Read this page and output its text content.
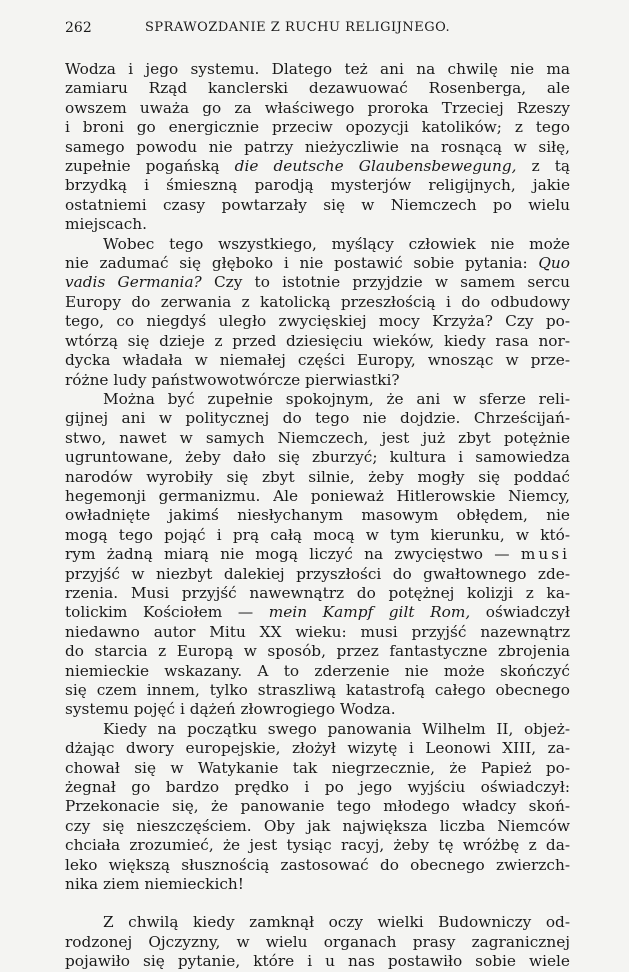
262	SPRAWOZDANIE Z RUCHU RELIGIJNEGO.
Wodza i jego systemu. Dlatego też ani na chwilę nie ma
zamiaru Rząd kanclerski dezawuować Rosenberga, ale
owszem uważa go za właściwego proroka Trzeciej Rzeszy
i broni go energicznie przeciw opozycji katolików; z tego
samego powodu nie patrzy nieżyczliwie na rosnącą w siłę,
zupełnie pogańską die deutsche Glaubensbewegung, z tą
brzydką i śmieszną parodją mysterjów religijnych, jakie
ostatniemi czasy powtarzały się w Niemczech po wielu
miejscach.
Wobec tego wszystkiego, myślący człowiek nie może
nie zadumać się głęboko i nie postawić sobie pytania: Quo
vadis Germania? Czy to istotnie przyjdzie w samem sercu
Europy do zerwania z katolicką przeszłością i do odbudowy
tego, co niegdyś uległo zwycięskiej mocy Krzyża? Czy po-
wtórzą się dzieje z przed dziesięciu wieków, kiedy rasa nor-
dycka władała w niemałej części Europy, wnosząc w prze-
różne ludy państwowotwórcze pierwiastki?
Można być zupełnie spokojnym, że ani w sferze reli-
gijnej ani w politycznej do tego nie dojdzie. Chrześcijań-
stwo, nawet w samych Niemczech, jest już zbyt potężnie
ugruntowane, żeby dało się zburzyć; kultura i samowiedza
narodów wyrobiły się zbyt silnie, żeby mogły się poddać
hegemonji germanizmu. Ale ponieważ Hitlerowskie Niemcy,
owładnięte jakimś niesłychanym masowym obłędem, nie
mogą tego pojąć i prą całą mocą w tym kierunku, w któ-
rym żadną miarą nie mogą liczyć na zwycięstwo — musi
przyjść w niezbyt dalekiej przyszłości do gwałtownego zde-
rzenia. Musi przyjść nawewnątrz do potężnej kolizji z ka-
tolickim Kościołem — mein Kampf gilt Rom, oświadczył
niedawno autor Mitu XX wieku: musi przyjść nazewnątrz
do starcia z Europą w sposób, przez fantastyczne zbrojenia
niemieckie wskazany. A to zderzenie nie może skończyć
się czem innem, tylko straszliwą katastrofą całego obecnego
systemu pojęć i dążeń złowrogiego Wodza.
Kiedy na początku swego panowania Wilhelm II, objeż-
dżając dwory europejskie, złożył wizytę i Leonowi XIII, za-
chował się w Watykanie tak niegrzecznie, że Papież po-
żegnał go bardzo prędko i po jego wyjściu oświadczył:
Przekonacie się, że panowanie tego młodego władcy skoń-
czy się nieszczęściem. Oby jak największa liczba Niemców
chciała zrozumieć, że jest tysiąc racyj, żeby tę wróżbę z da-
leko większą słusznością zastosować do obecnego zwierzch-
nika ziem niemieckich!
Z chwilą kiedy zamknął oczy wielki Budowniczy od-
rodzonej Ojczyzny, w wielu organach prasy zagranicznej
pojawiło się pytanie, które i u nas postawiło sobie wiele
